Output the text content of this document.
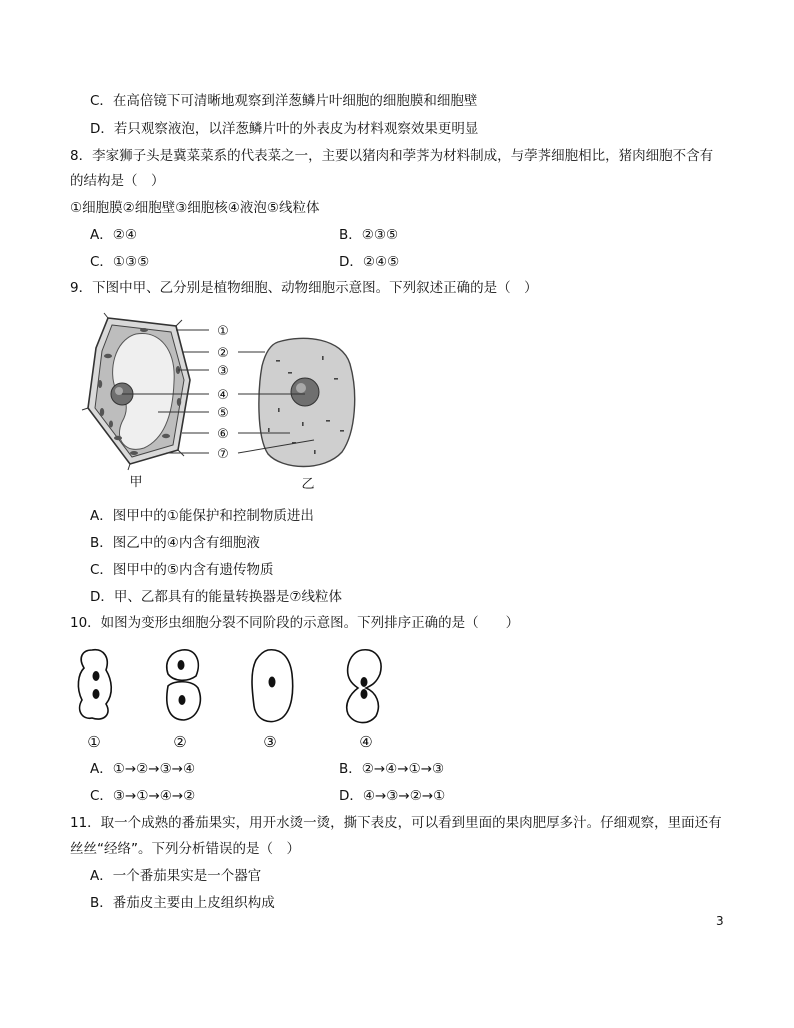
C．在高倍镜下可清晰地观察到洋葱鳞片叶细胞的细胞膜和细胞壁
D．若只观察液泡，以洋葱鳞片叶的外表皮为材料观察效果更明显
8．李家狮子头是冀菜菜系的代表菜之一，主要以猪肉和荸荠为材料制成，与荸荠细胞相比，猪肉细胞不含有
的结构是（　）
①细胞膜②细胞壁③细胞核④液泡⑤线粒体
A．②④	B．②③⑤
C．①③⑤	D．②④⑤
9．下图中甲、乙分别是植物细胞、动物细胞示意图。下列叙述正确的是（　）
①
②
③
④
⑤
⑥
⑦
甲	乙
A．图甲中的①能保护和控制物质进出
B．图乙中的④内含有细胞液
C．图甲中的⑤内含有遗传物质
D．甲、乙都具有的能量转换器是⑦线粒体
10．如图为变形虫细胞分裂不同阶段的示意图。下列排序正确的是（　　）
①	②	③	④
A．①→②→③→④	B．②→④→①→③
C．③→①→④→②	D．④→③→②→①
11．取一个成熟的番茄果实，用开水烫一烫，撕下表皮，可以看到里面的果肉肥厚多汁。仔细观察，里面还有
丝丝“经络”。下列分析错误的是（　）
A．一个番茄果实是一个器官
B．番茄皮主要由上皮组织构成
3
